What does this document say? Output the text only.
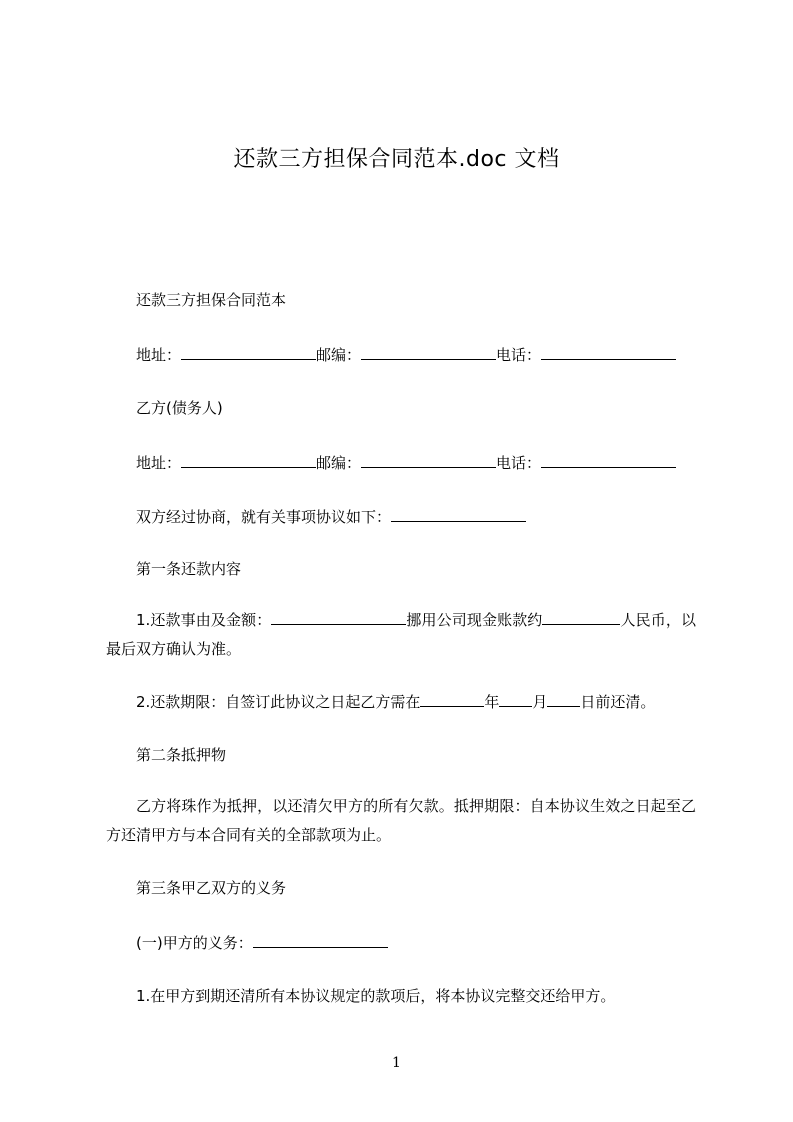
还款三方担保合同范本.doc 文档
还款三方担保合同范本
地址：	邮编：	电话：
乙方(债务人)
地址：	邮编：	电话：
双方经过协商，就有关事项协议如下：
第一条还款内容
1.还款事由及金额：	挪用公司现金账款约	人民币，以最后双方确认为准。
2.还款期限：自签订此协议之日起乙方需在	年 月 日前还清。
第二条抵押物
乙方将珠作为抵押，以还清欠甲方的所有欠款。抵押期限：自本协议生效之日起至乙方还清甲方与本合同有关的全部款项为止。
第三条甲乙双方的义务
(一)甲方的义务：
1.在甲方到期还清所有本协议规定的款项后，将本协议完整交还给甲方。
1
